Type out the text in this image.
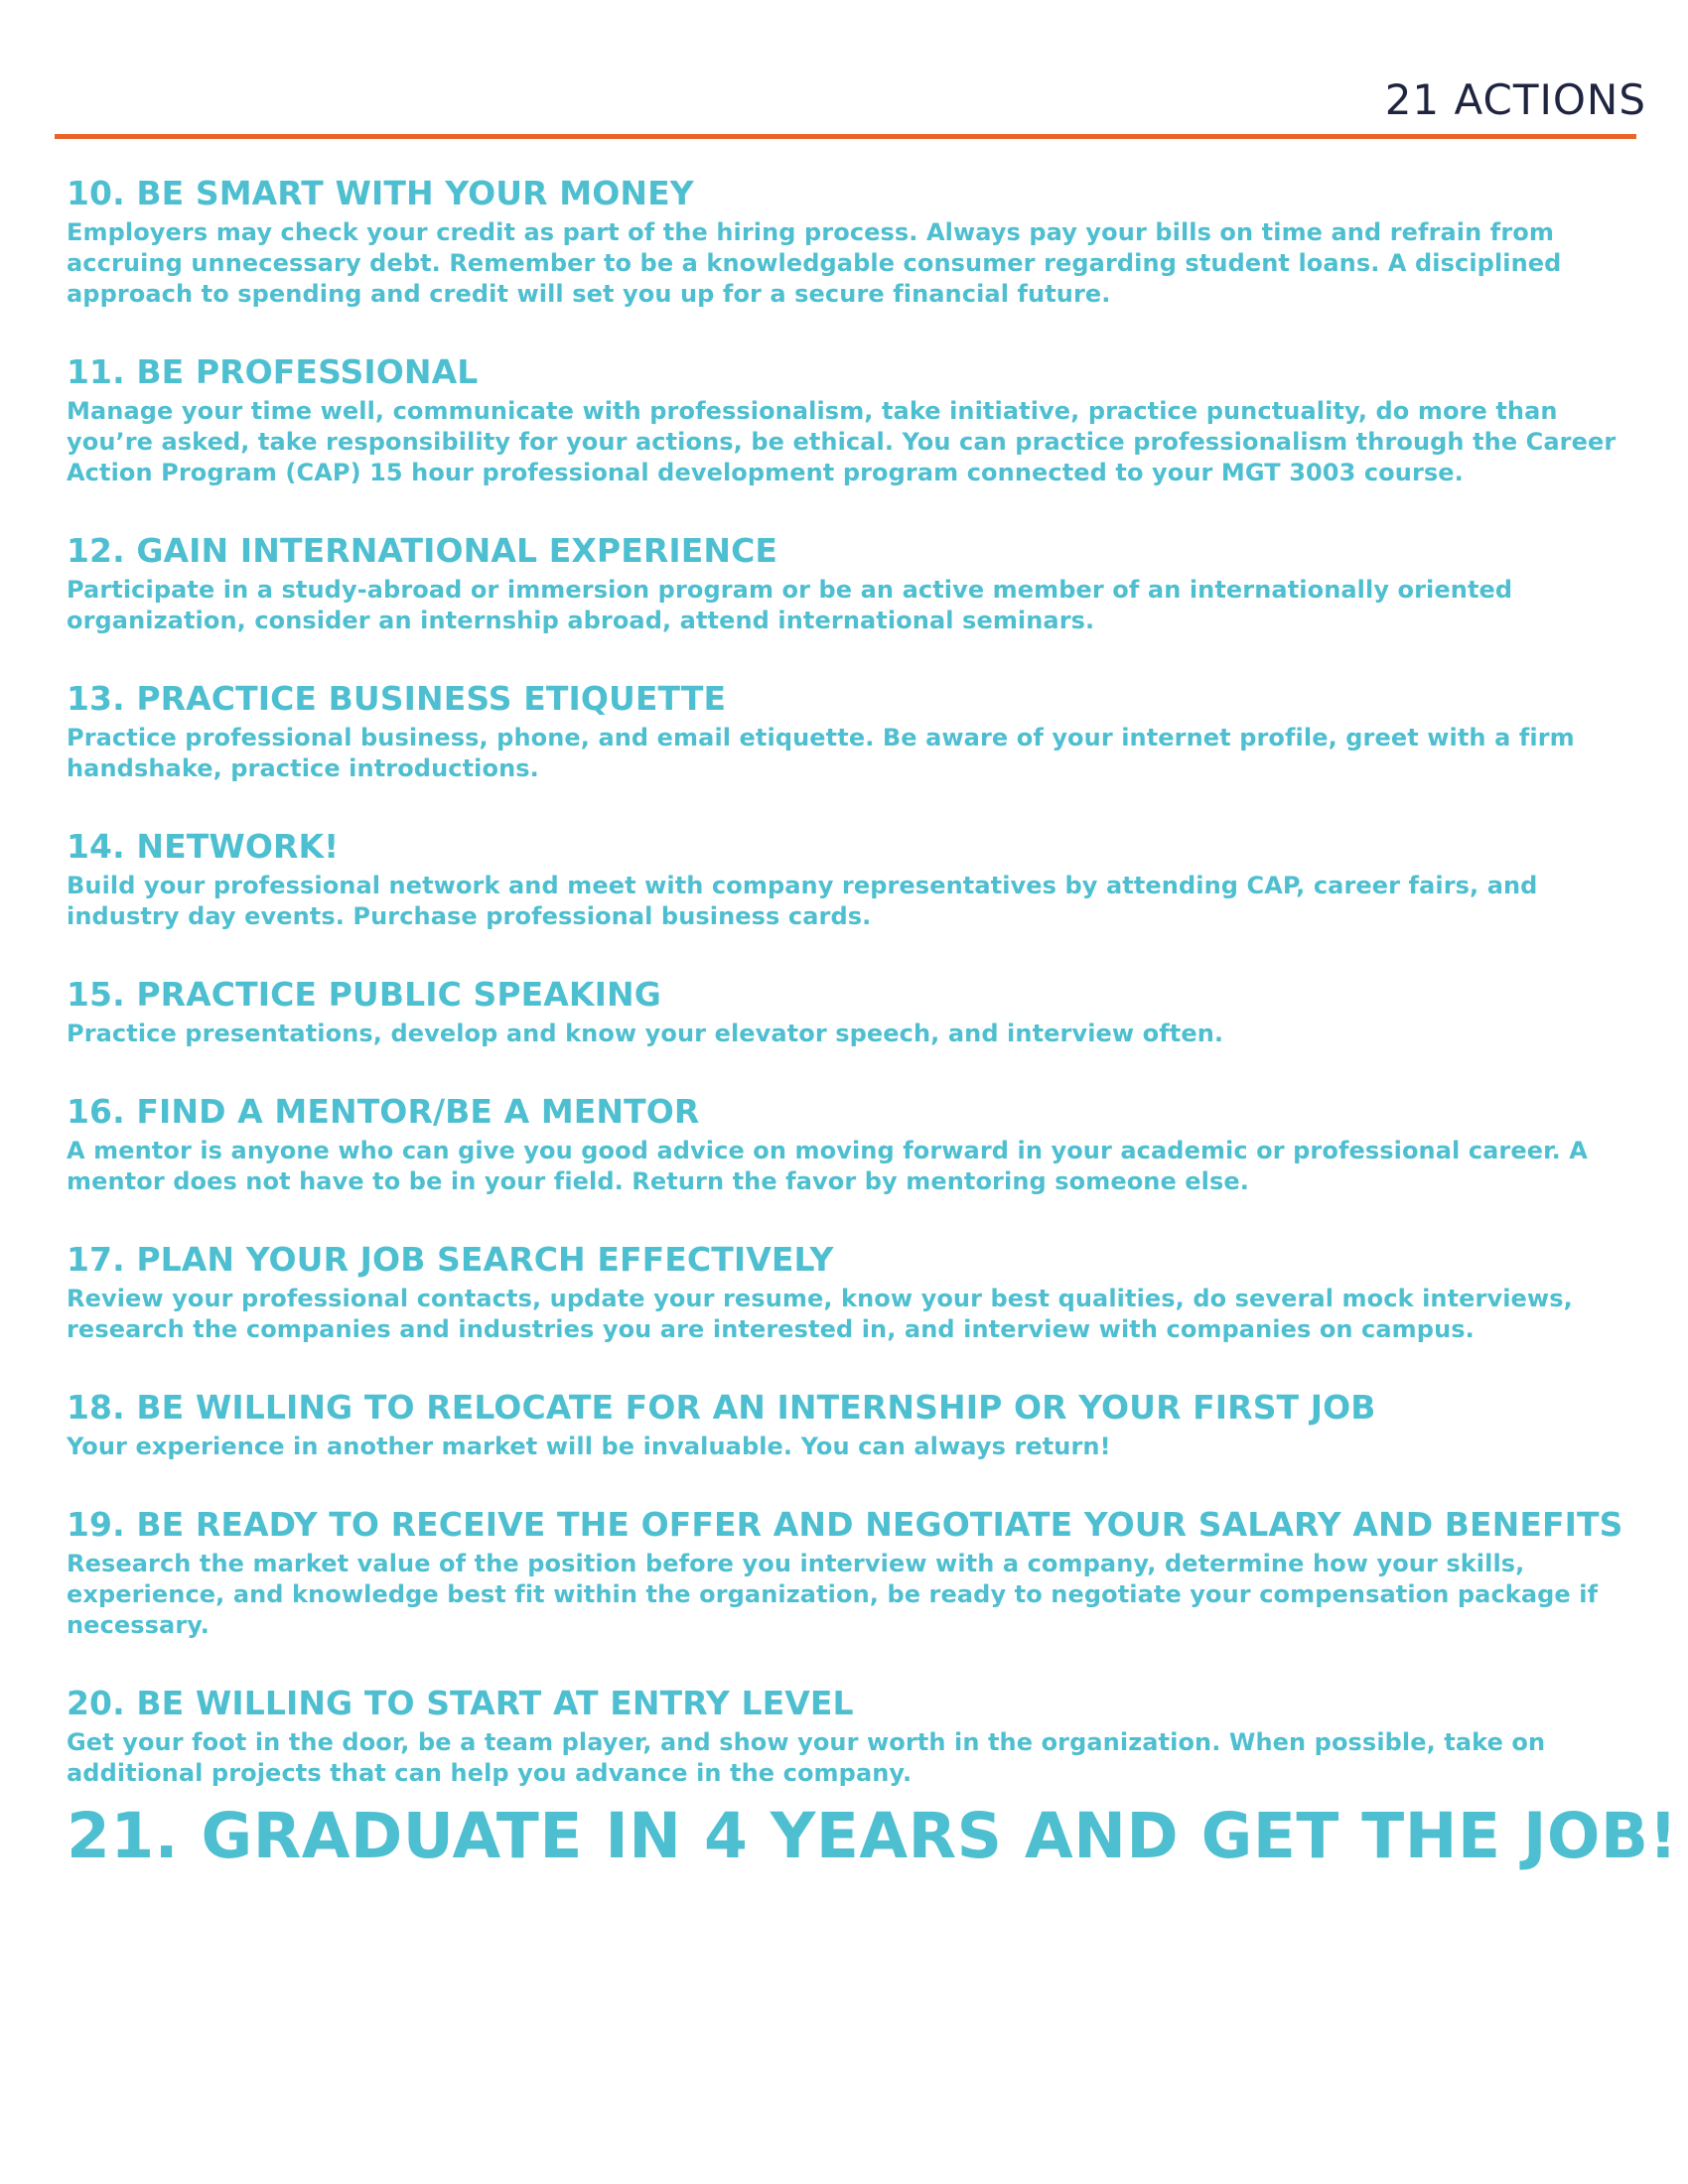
21 ACTIONS
10. BE SMART WITH YOUR MONEY

Employers may check your credit as part of the hiring process. Always pay your bills on time and refrain from accruing unnecessary debt. Remember to be a knowledgable consumer regarding student loans. A disciplined approach to spending and credit will set you up for a secure financial future.

11. BE PROFESSIONAL

Manage your time well, communicate with professionalism, take initiative, practice punctuality, do more than you’re asked, take responsibility for your actions, be ethical. You can practice professionalism through the Career Action Program (CAP) 15 hour professional development program connected to your MGT 3003 course.

12. GAIN INTERNATIONAL EXPERIENCE

Participate in a study-abroad or immersion program or be an active member of an internationally oriented organization, consider an internship abroad, attend international seminars.

13. PRACTICE BUSINESS ETIQUETTE

Practice professional business, phone, and email etiquette. Be aware of your internet profile, greet with a firm handshake, practice introductions.

14. NETWORK!

Build your professional network and meet with company representatives by attending CAP, career fairs, and industry day events. Purchase professional business cards.

15. PRACTICE PUBLIC SPEAKING

Practice presentations, develop and know your elevator speech, and interview often.

16. FIND A MENTOR/BE A MENTOR

A mentor is anyone who can give you good advice on moving forward in your academic or professional career. A mentor does not have to be in your field. Return the favor by mentoring someone else.

17. PLAN YOUR JOB SEARCH EFFECTIVELY

Review your professional contacts, update your resume, know your best qualities, do several mock interviews, research the companies and industries you are interested in, and interview with companies on campus.

18. BE WILLING TO RELOCATE FOR AN INTERNSHIP OR YOUR FIRST JOB

Your experience in another market will be invaluable. You can always return!

19. BE READY TO RECEIVE THE OFFER AND NEGOTIATE YOUR SALARY AND BENEFITS

Research the market value of the position before you interview with a company, determine how your skills, experience, and knowledge best fit within the organization, be ready to negotiate your compensation package if necessary.

20. BE WILLING TO START AT ENTRY LEVEL

Get your foot in the door, be a team player, and show your worth in the organization. When possible, take on additional projects that can help you advance in the company.

21. GRADUATE IN 4 YEARS AND GET THE JOB!
